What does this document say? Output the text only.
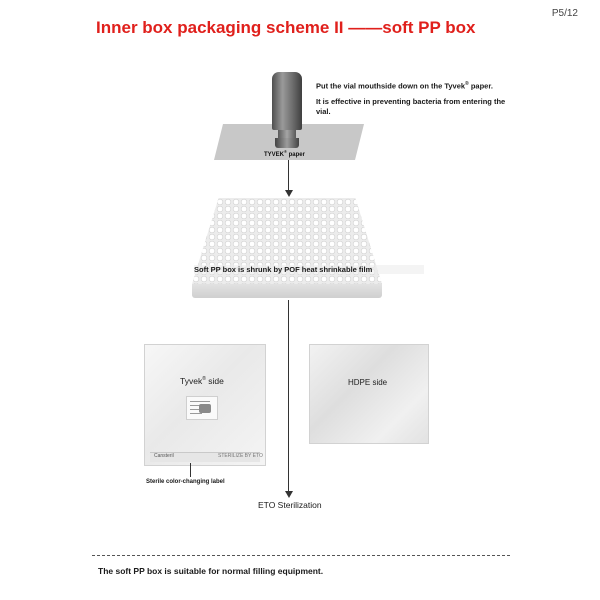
P5/12
Inner box packaging scheme II ——soft PP box
TYVEK® paper
Put the vial mouthside down on the Tyvek® paper.
It is effective in preventing bacteria from entering the vial.
Soft PP box is shrunk by POF heat shrinkable film
Tyvek® side
Cansteril	STERILIZE BY ETO
Sterile color-changing label
HDPE side
ETO Sterilization
The soft PP box is suitable for normal filling equipment.
